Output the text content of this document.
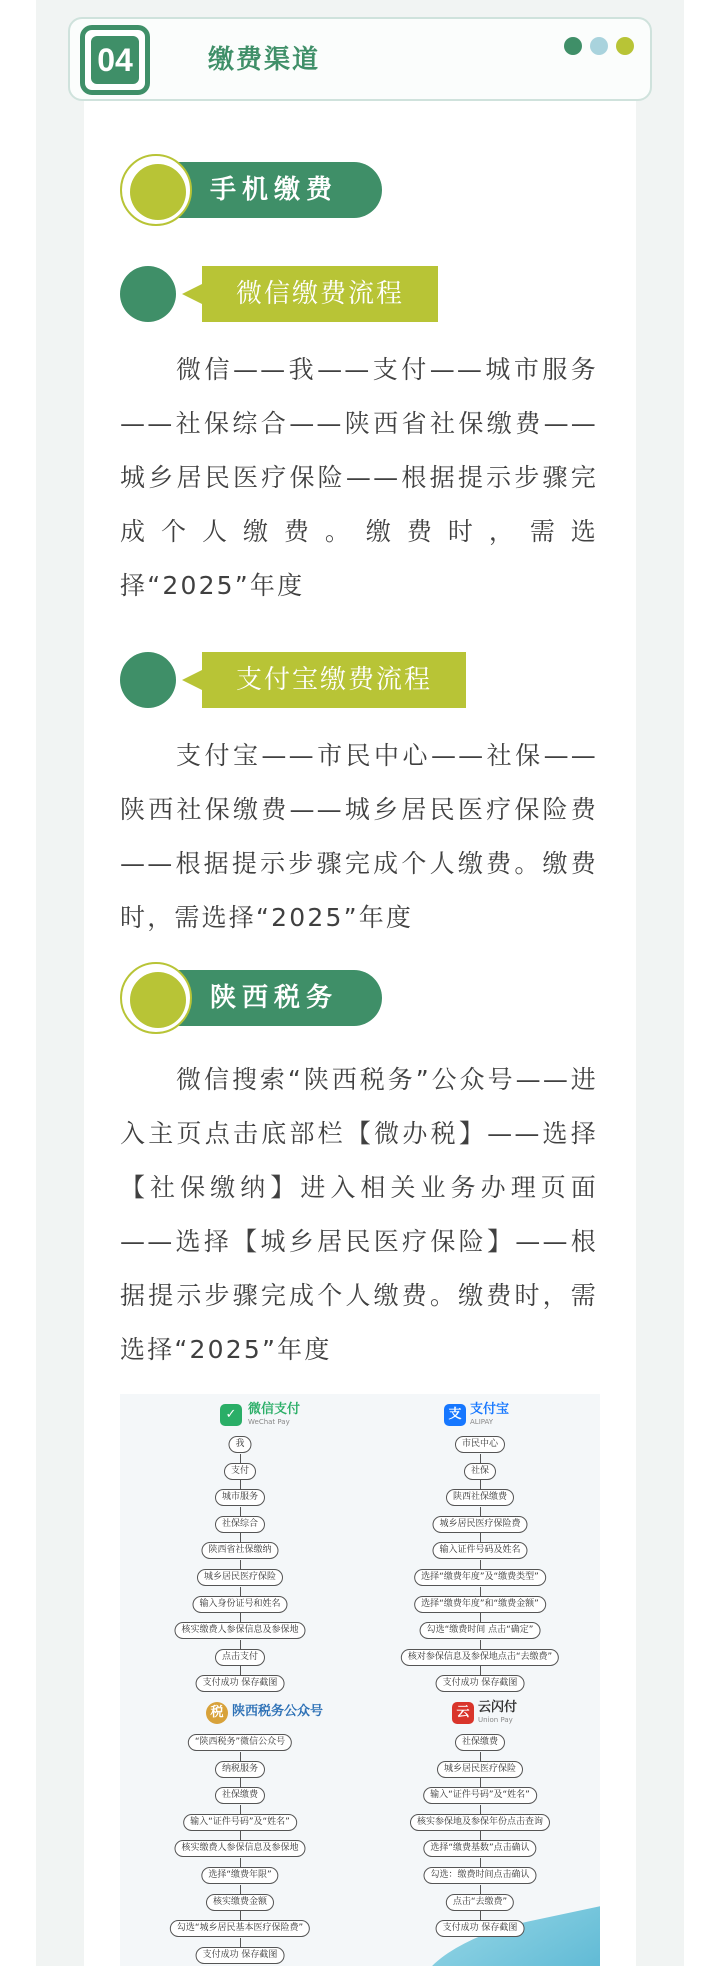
04	缴费渠道
手机缴费
微信缴费流程
微信——我——支付——城市服务——社保综合——陕西省社保缴费——城乡居民医疗保险——根据提示步骤完成个人缴费。缴费时，需选择“2025”年度
支付宝缴费流程
支付宝——市民中心——社保——陕西社保缴费——城乡居民医疗保险费——根据提示步骤完成个人缴费。缴费时，需选择“2025”年度
陕西税务
微信搜索“陕西税务”公众号——进入主页点击底部栏【微办税】——选择【社保缴纳】进入相关业务办理页面——选择【城乡居民医疗保险】——根据提示步骤完成个人缴费。缴费时，需选择“2025”年度
✓ 微信支付
WeChat Pay
我
支付
城市服务
社保综合
陕西省社保缴纳
城乡居民医疗保险
输入身份证号和姓名
核实缴费人参保信息及参保地
点击支付
支付成功 保存截图
支 支付宝
ALIPAY
市民中心
社保
陕西社保缴费
城乡居民医疗保险费
输入证件号码及姓名
选择“缴费年度”及“缴费类型”
选择“缴费年度”和“缴费金额”
勾选“缴费时间 点击“确定”
核对参保信息及参保地点击“去缴费”
支付成功 保存截图
税 陕西税务公众号
“陕西税务”微信公众号
纳税服务
社保缴费
输入“证件号码”及“姓名”
核实缴费人参保信息及参保地
选择“缴费年限”
核实缴费金额
勾选“城乡居民基本医疗保险费”
支付成功 保存截图
云 云闪付
Union Pay
社保缴费
城乡居民医疗保险
输入“证件号码”及“姓名”
核实参保地及参保年份点击查询
选择“缴费基数”点击确认
勾选：缴费时间点击确认
点击“去缴费”
支付成功 保存截图
